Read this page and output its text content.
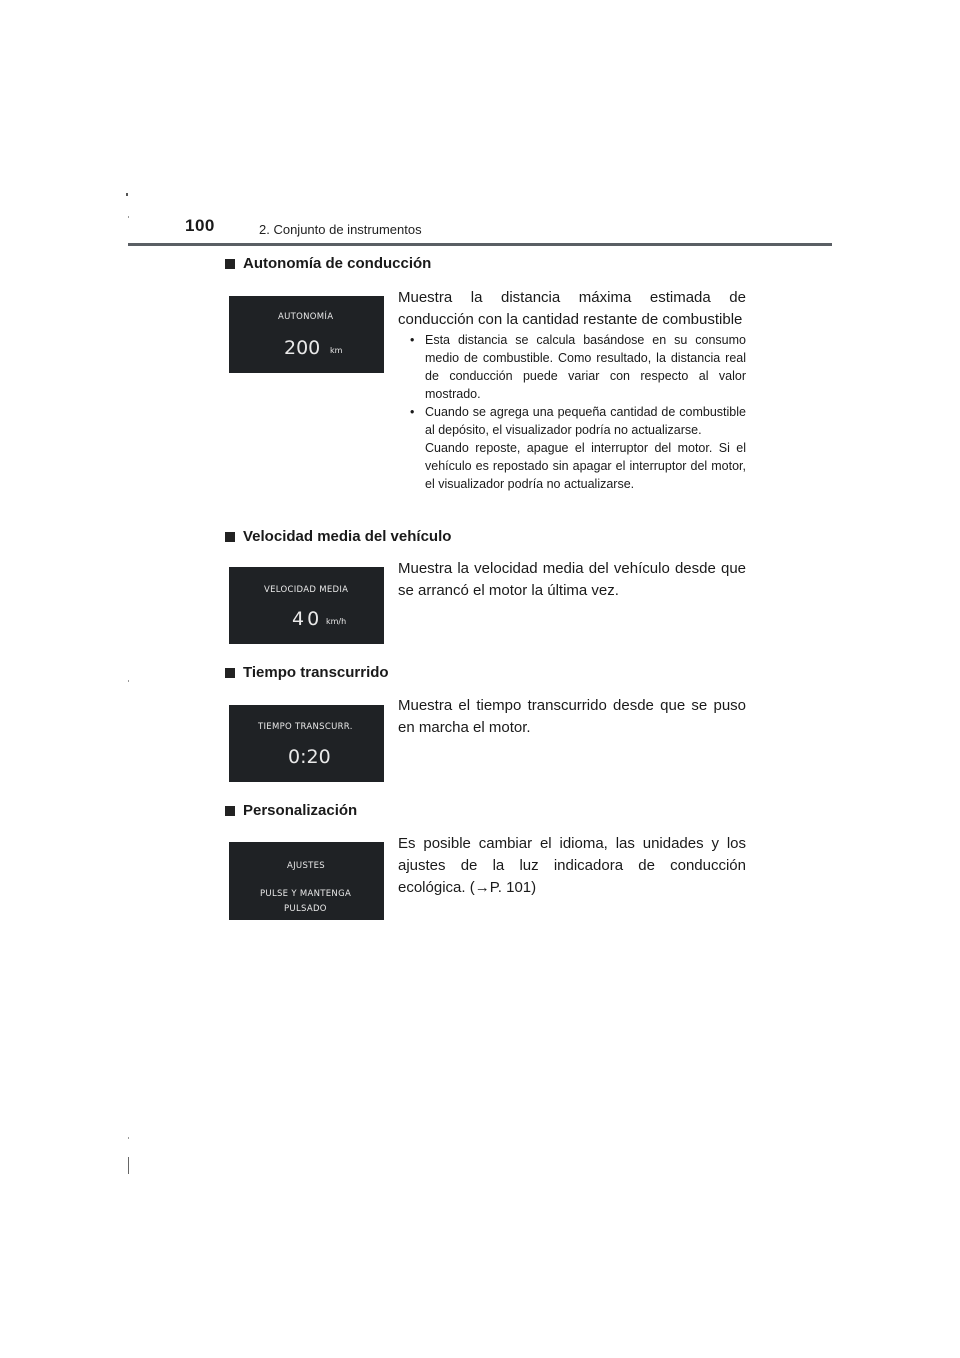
100	2. Conjunto de instrumentos
Autonomía de conducción
AUTONOMÍA
200 km
Muestra la distancia máxima estimada de conducción con la cantidad restante de combustible
• Esta distancia se calcula basándose en su consumo medio de combustible. Como resultado, la distancia real de conducción puede variar con respecto al valor mostrado.
• Cuando se agrega una pequeña cantidad de combustible al depósito, el visualizador podría no actualizarse.
Cuando reposte, apague el interruptor del motor. Si el vehículo es repostado sin apagar el interruptor del motor, el visualizador podría no actualizarse.
Velocidad media del vehículo
VELOCIDAD MEDIA
40 km/h
Muestra la velocidad media del vehículo desde que se arrancó el motor la última vez.
Tiempo transcurrido
TIEMPO TRANSCURR.
0:20
Muestra el tiempo transcurrido desde que se puso en marcha el motor.
Personalización
AJUSTES
PULSE Y MANTENGA
PULSADO
Es posible cambiar el idioma, las unidades y los ajustes de la luz indicadora de conducción ecológica. (→P. 101)
